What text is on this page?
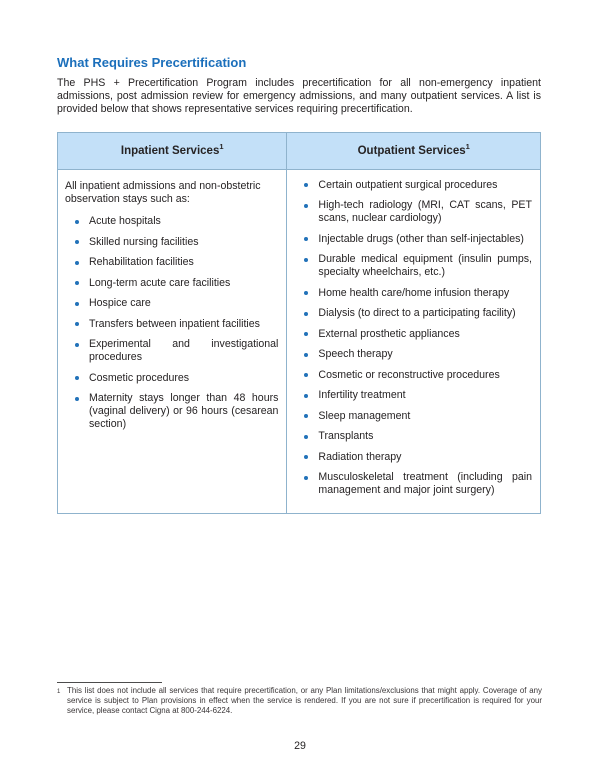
What Requires Precertification

The PHS + Precertification Program includes precertification for all non-emergency inpatient admissions, post admission review for emergency admissions, and many outpatient services. A list is provided below that shows representative services requiring precertification.

Inpatient Services$^1$	Outpatient Services$^1$
All inpatient admissions and non-obstetric observation stays such as:
Acute hospitals
Skilled nursing facilities
Rehabilitation facilities
Long-term acute care facilities
Hospice care
Transfers between inpatient facilities
Experimental and investigational procedures
Cosmetic procedures
Maternity stays longer than 48 hours (vaginal delivery) or 96 hours (cesarean section)
Certain outpatient surgical procedures
High-tech radiology (MRI, CAT scans, PET scans, nuclear cardiology)
Injectable drugs (other than self-injectables)
Durable medical equipment (insulin pumps, specialty wheelchairs, etc.)
Home health care/home infusion therapy
Dialysis (to direct to a participating facility)
External prosthetic appliances
Speech therapy
Cosmetic or reconstructive procedures
Infertility treatment
Sleep management
Transplants
Radiation therapy
Musculoskeletal treatment (including pain management and major joint surgery)
1 This list does not include all services that require precertification, or any Plan limitations/exclusions that might apply. Coverage of any service is subject to Plan provisions in effect when the service is rendered. If you are not sure if precertification is required for your service, please contact Cigna at 800-244-6224.
29
